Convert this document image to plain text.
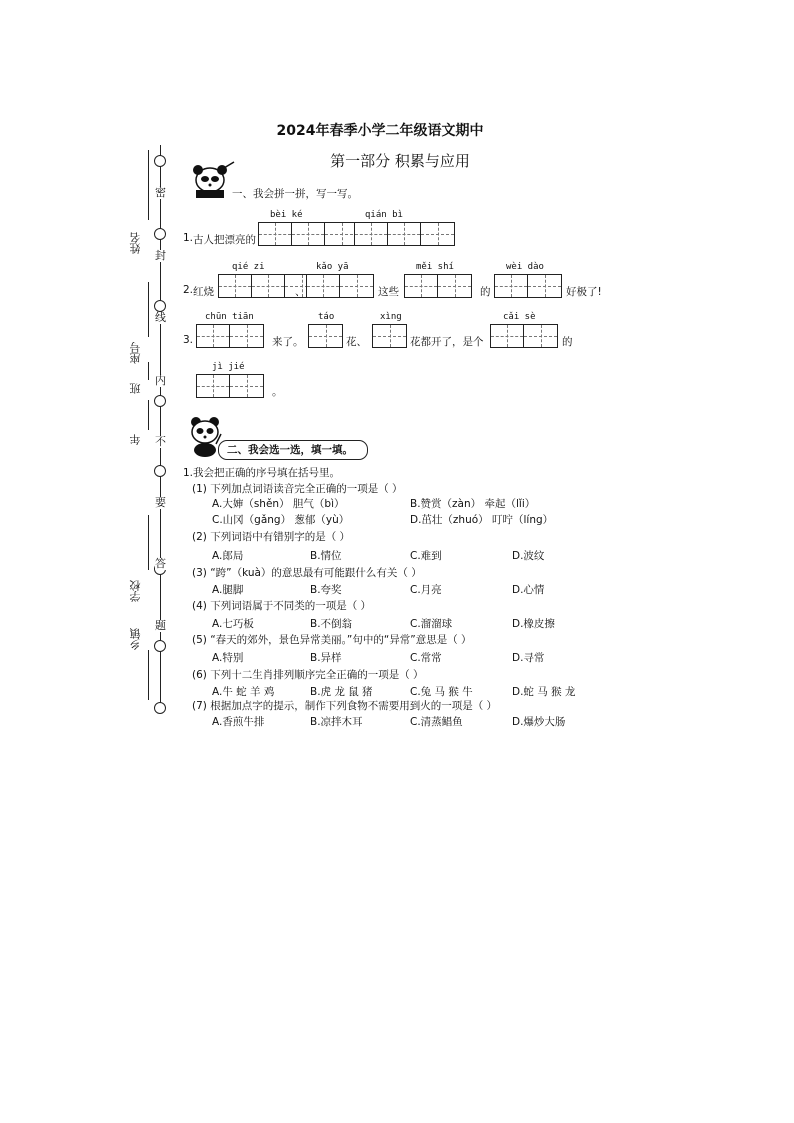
密
封
线
内
不
要
答
题
姓名
座号
班
年
学校
乡镇
2024年春季小学二年级语文期中
第一部分 积累与应用
一、我会拼一拼，写一写。
bèi ké	qián bì
1. 古人把漂亮的
qié zi	kǎo yā	měi shí	wèi dào
2. 红烧	、	这些	的	好极了!
chūn tiān	táo	xìng	cǎi sè
3.	来了。	花、	花都开了，是个	的
jì jié
。
二、我会选一选，填一填。
1.我会把正确的序号填在括号里。
(1) 下列加点词语读音完全正确的一项是（ ）
A.大婶（shěn） 胆气（bì）	B.赞赏（zàn） 牵起（lǐi）
C.山冈（gǎng） 葱郁（yù）	D.茁壮（zhuó） 叮咛（líng）
(2) 下列词语中有错别字的是（ ）
A.郎局	B.情位	C.难到	D.波纹
(3) “跨”（kuà）的意思最有可能跟什么有关（ ）
A.腿脚	B.夸奖	C.月亮	D.心情
(4) 下列词语属于不同类的一项是（ ）
A.七巧板	B.不倒翁	C.溜溜球	D.橡皮擦
(5) “春天的郊外，景色异常美丽。”句中的“异常”意思是（ ）
A.特别	B.异样	C.常常	D.寻常
(6) 下列十二生肖排列顺序完全正确的一项是（ ）
A.牛 蛇 羊 鸡	B.虎 龙 鼠 猪	C.兔 马 猴 牛	D.蛇 马 猴 龙
(7) 根据加点字的提示，制作下列食物不需要用到火的一项是（ ）
A.香煎牛排	B.凉拌木耳	C.清蒸鲳鱼	D.爆炒大肠
